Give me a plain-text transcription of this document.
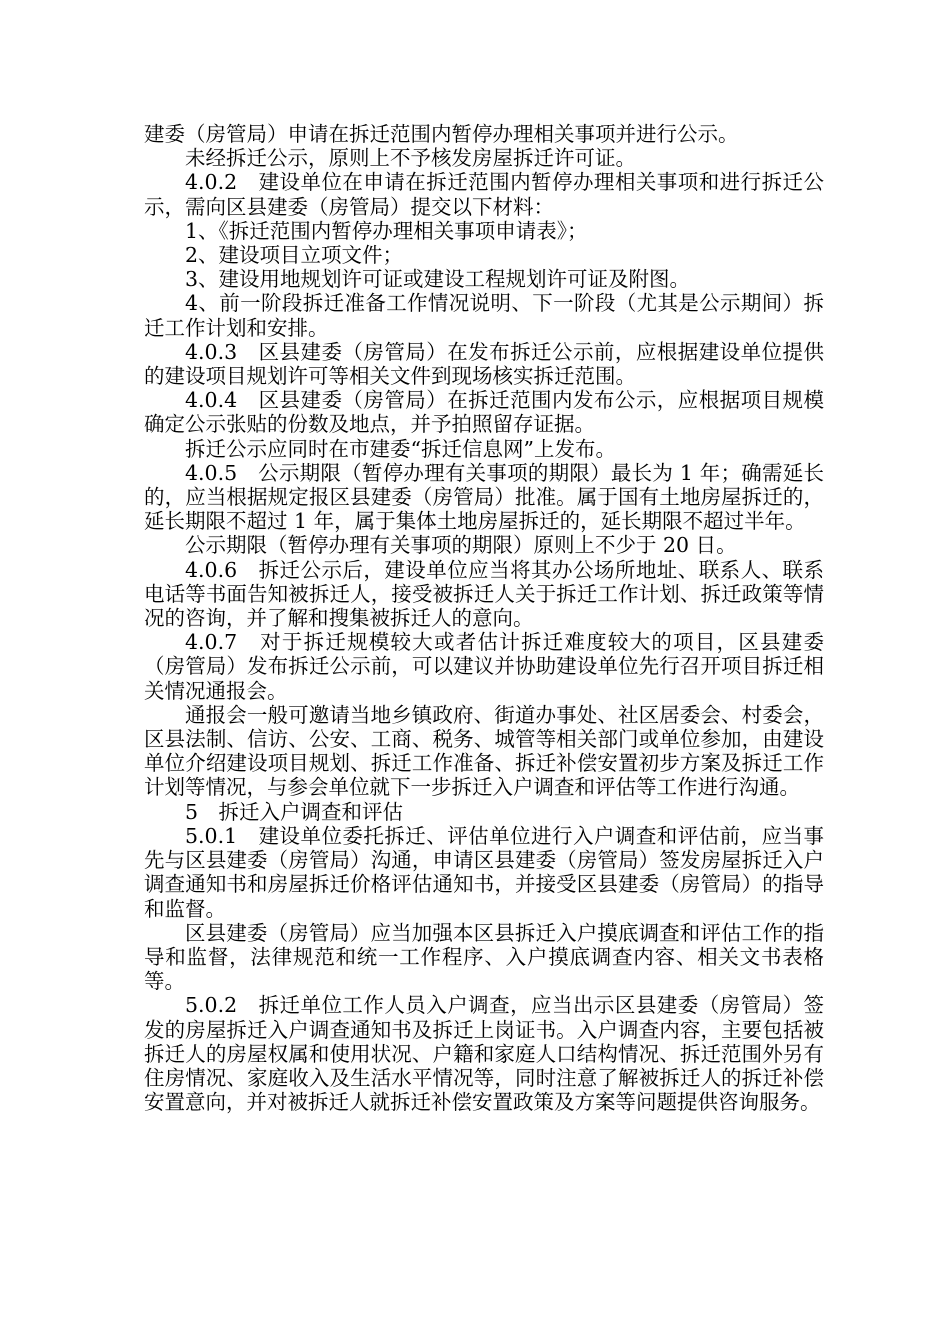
建委（房管局）申请在拆迁范围内暂停办理相关事项并进行公示。

未经拆迁公示，原则上不予核发房屋拆迁许可证。

4.0.2　建设单位在申请在拆迁范围内暂停办理相关事项和进行拆迁公示，需向区县建委（房管局）提交以下材料：

1、《拆迁范围内暂停办理相关事项申请表》；

2、建设项目立项文件；

3、建设用地规划许可证或建设工程规划许可证及附图。

4、前一阶段拆迁准备工作情况说明、下一阶段（尤其是公示期间）拆迁工作计划和安排。

4.0.3　区县建委（房管局）在发布拆迁公示前，应根据建设单位提供的建设项目规划许可等相关文件到现场核实拆迁范围。

4.0.4　区县建委（房管局）在拆迁范围内发布公示，应根据项目规模确定公示张贴的份数及地点，并予拍照留存证据。

拆迁公示应同时在市建委“拆迁信息网”上发布。

4.0.5　公示期限（暂停办理有关事项的期限）最长为 1 年；确需延长的，应当根据规定报区县建委（房管局）批准。属于国有土地房屋拆迁的，延长期限不超过 1 年，属于集体土地房屋拆迁的，延长期限不超过半年。

公示期限（暂停办理有关事项的期限）原则上不少于 20 日。

4.0.6　拆迁公示后，建设单位应当将其办公场所地址、联系人、联系电话等书面告知被拆迁人，接受被拆迁人关于拆迁工作计划、拆迁政策等情况的咨询，并了解和搜集被拆迁人的意向。

4.0.7　对于拆迁规模较大或者估计拆迁难度较大的项目，区县建委（房管局）发布拆迁公示前，可以建议并协助建设单位先行召开项目拆迁相关情况通报会。

通报会一般可邀请当地乡镇政府、街道办事处、社区居委会、村委会，区县法制、信访、公安、工商、税务、城管等相关部门或单位参加，由建设单位介绍建设项目规划、拆迁工作准备、拆迁补偿安置初步方案及拆迁工作计划等情况，与参会单位就下一步拆迁入户调查和评估等工作进行沟通。

5　拆迁入户调查和评估

5.0.1　建设单位委托拆迁、评估单位进行入户调查和评估前，应当事先与区县建委（房管局）沟通，申请区县建委（房管局）签发房屋拆迁入户调查通知书和房屋拆迁价格评估通知书，并接受区县建委（房管局）的指导和监督。

区县建委（房管局）应当加强本区县拆迁入户摸底调查和评估工作的指导和监督，法律规范和统一工作程序、入户摸底调查内容、相关文书表格等。

5.0.2　拆迁单位工作人员入户调查，应当出示区县建委（房管局）签发的房屋拆迁入户调查通知书及拆迁上岗证书。入户调查内容，主要包括被拆迁人的房屋权属和使用状况、户籍和家庭人口结构情况、拆迁范围外另有住房情况、家庭收入及生活水平情况等，同时注意了解被拆迁人的拆迁补偿安置意向，并对被拆迁人就拆迁补偿安置政策及方案等问题提供咨询服务。
